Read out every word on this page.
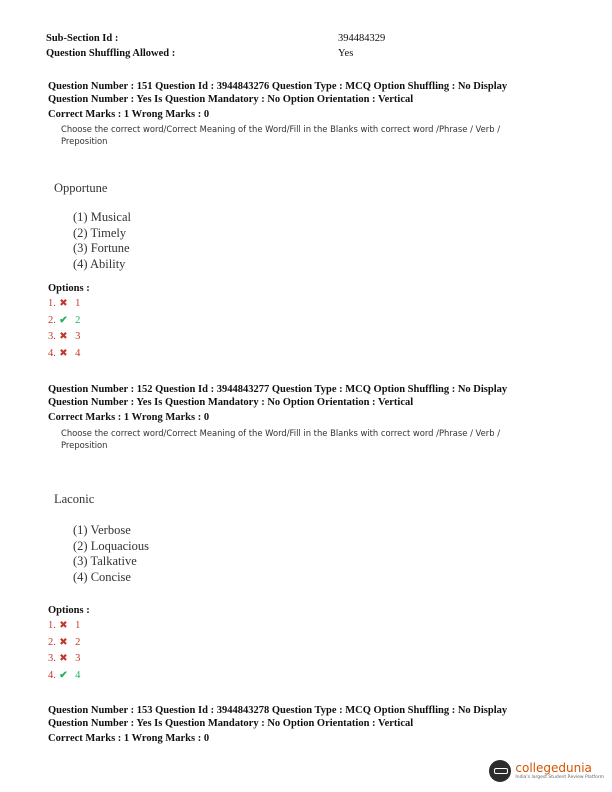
Sub-Section Id :	394484329
Question Shuffling Allowed :	Yes
Question Number : 151 Question Id : 3944843276 Question Type : MCQ Option Shuffling : No Display
Question Number : Yes Is Question Mandatory : No Option Orientation : Vertical
Correct Marks : 1 Wrong Marks : 0
Choose the correct word/Correct Meaning of the Word/Fill in the Blanks with correct word /Phrase / Verb / Preposition
Opportune
(1) Musical
(2) Timely
(3) Fortune
(4) Ability
Options :
1. ✖ 1
2. ✔ 2
3. ✖ 3
4. ✖ 4
Question Number : 152 Question Id : 3944843277 Question Type : MCQ Option Shuffling : No Display
Question Number : Yes Is Question Mandatory : No Option Orientation : Vertical
Correct Marks : 1 Wrong Marks : 0
Choose the correct word/Correct Meaning of the Word/Fill in the Blanks with correct word /Phrase / Verb / Preposition
Laconic
(1) Verbose
(2) Loquacious
(3) Talkative
(4) Concise
Options :
1. ✖ 1
2. ✖ 2
3. ✖ 3
4. ✔ 4
Question Number : 153 Question Id : 3944843278 Question Type : MCQ Option Shuffling : No Display
Question Number : Yes Is Question Mandatory : No Option Orientation : Vertical
Correct Marks : 1 Wrong Marks : 0
collegedunia
India's largest Student Review Platform
